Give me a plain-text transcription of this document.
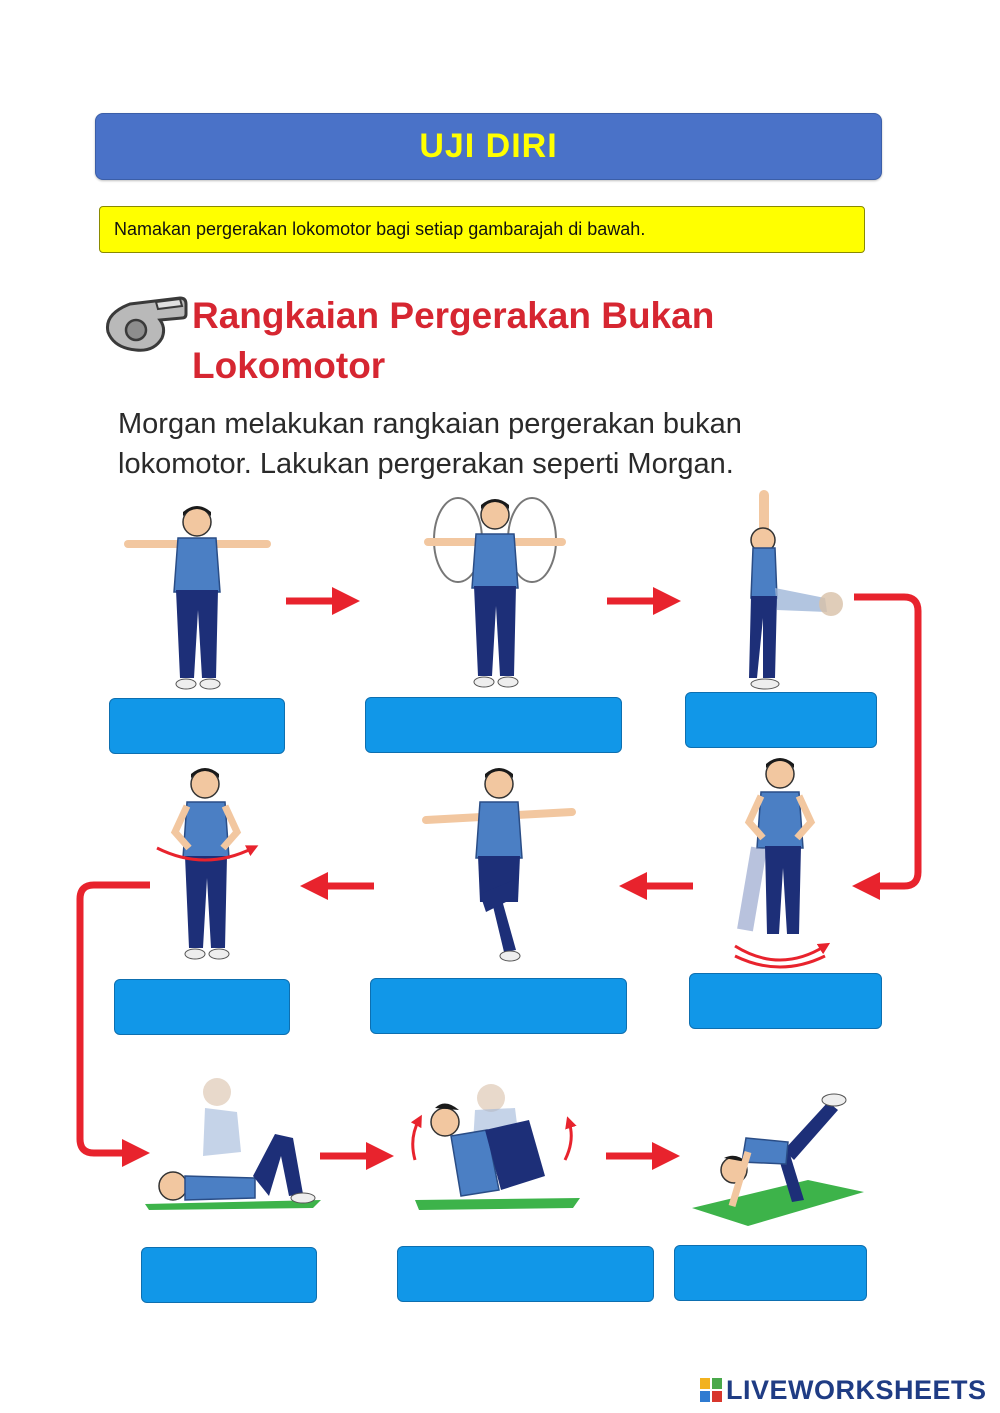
UJI DIRI
Namakan pergerakan lokomotor bagi setiap gambarajah di bawah.
Rangkaian Pergerakan Bukan Lokomotor
Morgan melakukan rangkaian pergerakan bukan lokomotor. Lakukan pergerakan seperti Morgan.
LIVEWORKSHEETS
